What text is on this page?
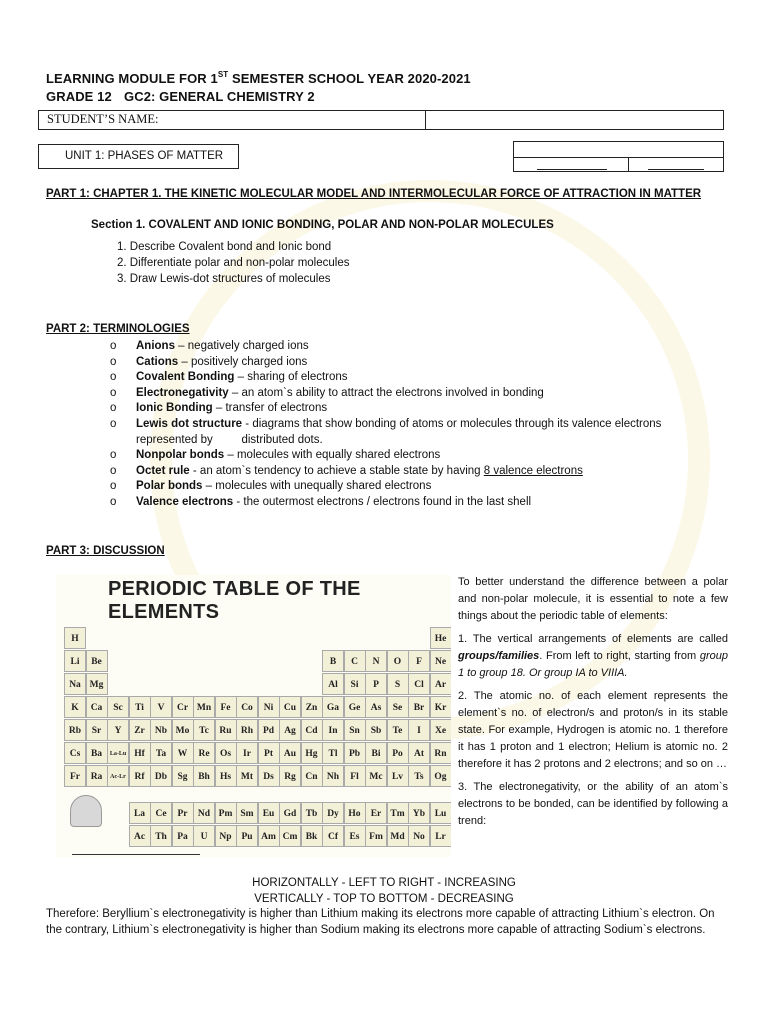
LEARNING MODULE FOR 1ST SEMESTER SCHOOL YEAR 2020-2021
GRADE 12 GC2: GENERAL CHEMISTRY 2
STUDENT’S NAME:
UNIT 1: PHASES OF MATTER
PART 1: CHAPTER 1. THE KINETIC MOLECULAR MODEL AND INTERMOLECULAR FORCE OF ATTRACTION IN MATTER
Section 1. COVALENT AND IONIC BONDING, POLAR AND NON-POLAR MOLECULES
1. Describe Covalent bond and Ionic bond
2. Differentiate polar and non-polar molecules
3. Draw Lewis-dot structures of molecules
PART 2: TERMINOLOGIES
o Anions – negatively charged ions
o Cations – positively charged ions
o Covalent Bonding – sharing of electrons
o Electronegativity – an atom`s ability to attract the electrons involved in bonding
o Ionic Bonding – transfer of electrons
o Lewis dot structure - diagrams that show bonding of atoms or molecules through its valence electrons represented by         distributed dots.
o Nonpolar bonds – molecules with equally shared electrons
o Octet rule - an atom`s tendency to achieve a stable state by having 8 valence electrons
o Polar bonds – molecules with unequally shared electrons
o Valence electrons - the outermost electrons / electrons found in the last shell
PART 3: DISCUSSION
PERIODIC TABLE OF THE ELEMENTS
H	He
Li	Be	B	C	N	O	F	Ne
Na Mg	Al	Si	P	S	Cl	Ar
K	Ca	Sc	Ti	V	Cr Mn Fe	Co	Ni	Cu	Zn	Ga	Ge	As	Se	Br	Kr
Rb	Sr	Y	Zr	Nb Mo	Tc	Ru Rh	Pd	Ag	Cd	In	Sn	Sb	Te	I	Xe
Cs	Ba	La-Lu Hf	Ta	W	Re	Os	Ir	Pt	Au Hg	Tl	Pb	Bi	Po	At	Rn
Fr	Ra	Ac-Lr Rf	Db	Sg	Bh	Hs	Mt	Ds	Rg	Cn Nh	Fl	Mc Lv	Ts	Og
La	Ce	Pr	Nd Pm Sm Eu Gd Tb	Dy	Ho	Er Tm Yb	Lu
Ac	Th	Pa	U	Np	Pu Am Cm Bk	Cf	Es	Fm Md No	Lr

To better understand the difference between a polar and non-polar molecule, it is essential to note a few things about the periodic table of elements:

1. The vertical arrangements of elements are called groups/families. From left to right, starting from group 1 to group 18. Or group IA to VIIIA.

2. The atomic no. of each element represents the element`s no. of electron/s and proton/s in its stable state. For example, Hydrogen is atomic no. 1 therefore it has 1 proton and 1 electron; Helium is atomic no. 2 therefore it has 2 protons and 2 electrons; and so on …

3. The electronegativity, or the ability of an atom`s electrons to be bonded, can be identified by following a trend:

HORIZONTALLY - LEFT TO RIGHT - INCREASING
VERTICALLY - TOP TO BOTTOM - DECREASING
Therefore: Beryllium`s electronegativity is higher than Lithium making its electrons more capable of attracting Lithium`s electron. On the contrary, Lithium`s electronegativity is higher than Sodium making its electrons more capable of attracting Sodium`s electrons.
